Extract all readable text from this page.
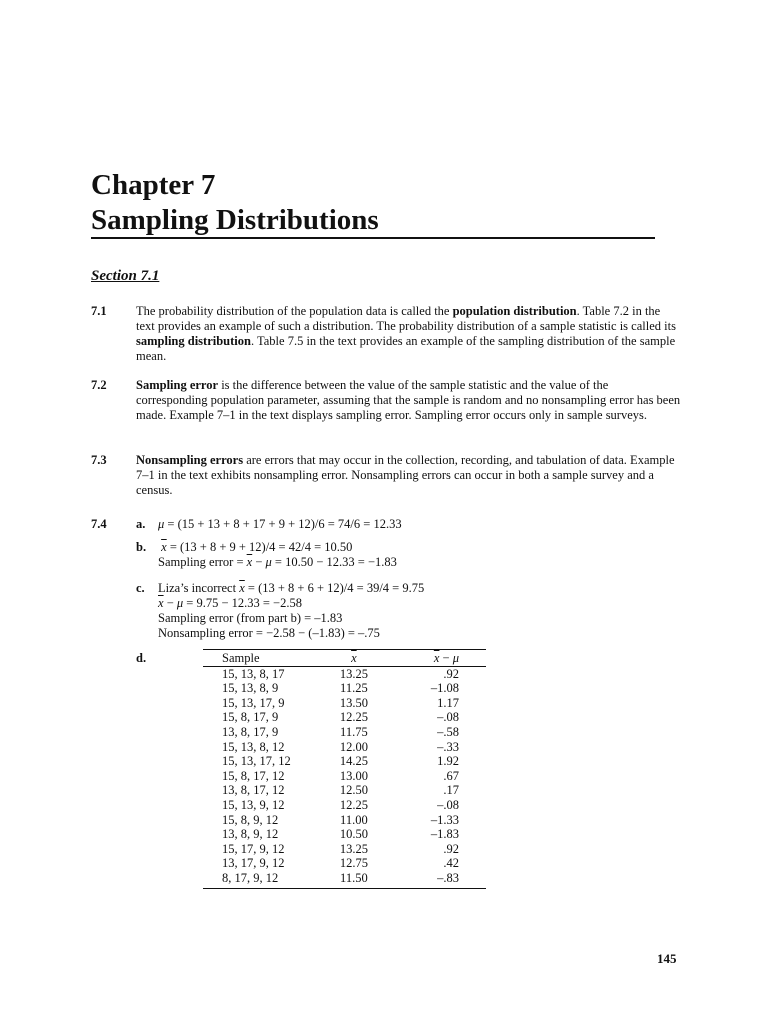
Chapter 7
Sampling Distributions
Section 7.1
7.1 The probability distribution of the population data is called the population distribution. Table 7.2 in the text provides an example of such a distribution. The probability distribution of a sample statistic is called its sampling distribution. Table 7.5 in the text provides an example of the sampling distribution of the sample mean.

7.2 Sampling error is the difference between the value of the sample statistic and the value of the corresponding population parameter, assuming that the sample is random and no nonsampling error has been made. Example 7–1 in the text displays sampling error. Sampling error occurs only in sample surveys.

7.3 Nonsampling errors are errors that may occur in the collection, recording, and tabulation of data. Example 7–1 in the text exhibits nonsampling error. Nonsampling errors can occur in both a sample survey and a census.

7.4 a. μ = (15 + 13 + 8 + 17 + 9 + 12)/6 = 74/6 = 12.33
b. $\overline{x} = (13 + 8 + 9 + 12)/4 = 42/4 = 10.50$
Sampling error = $\overline{x} - \mu = 10.50 - 12.33 = -1.83$
c. Liza’s incorrect $\overline{x} = (13 + 8 + 6 + 12)/4 = 39/4 = 9.75$
$\overline{x} - \mu = 9.75 - 12.33 = -2.58$
Sampling error (from part b) = –1.83
Nonsampling error = −2.58 − (–1.83) = –.75
d.	Sample	$\overline{x}$	$\overline{x} - \mu$
15, 13, 8, 17	13.25	.92
15, 13, 8, 9	11.25	–1.08
15, 13, 17, 9	13.50	1.17
15, 8, 17, 9	12.25	–.08
13, 8, 17, 9	11.75	–.58
15, 13, 8, 12	12.00	–.33
15, 13, 17, 12	14.25	1.92
15, 8, 17, 12	13.00	.67
13, 8, 17, 12	12.50	.17
15, 13, 9, 12	12.25	–.08
15, 8, 9, 12	11.00	–1.33
13, 8, 9, 12	10.50	–1.83
15, 17, 9, 12	13.25	.92
13, 17, 9, 12	12.75	.42
8, 17, 9, 12	11.50	–.83
145
